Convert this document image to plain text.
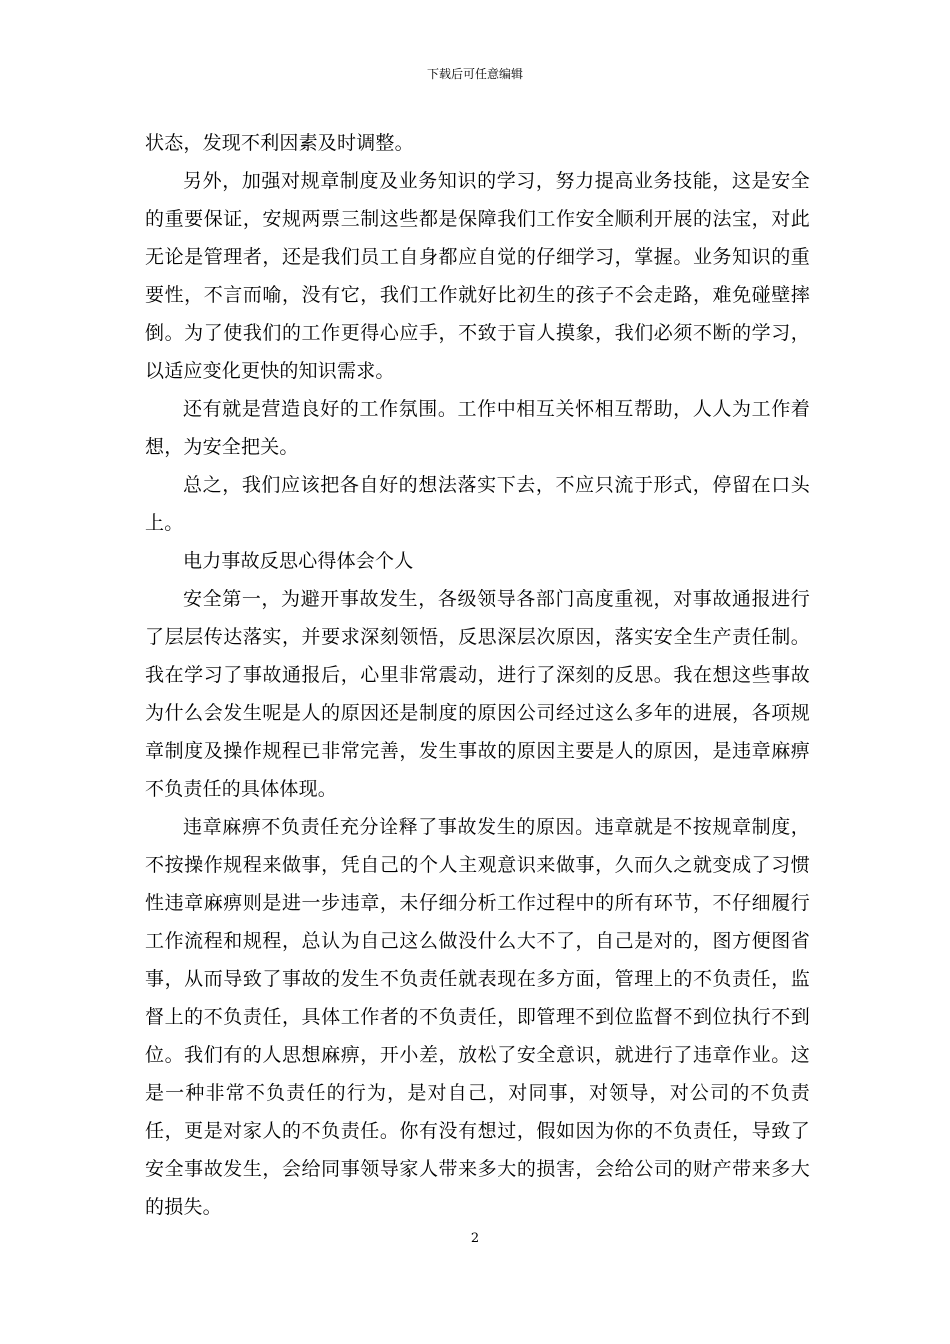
下载后可任意编辑

状态，发现不利因素及时调整。

另外，加强对规章制度及业务知识的学习，努力提高业务技能，这是安全的重要保证，安规两票三制这些都是保障我们工作安全顺利开展的法宝，对此无论是管理者，还是我们员工自身都应自觉的仔细学习，掌握。业务知识的重要性，不言而喻，没有它，我们工作就好比初生的孩子不会走路，难免碰壁摔倒。为了使我们的工作更得心应手，不致于盲人摸象，我们必须不断的学习，以适应变化更快的知识需求。

还有就是营造良好的工作氛围。工作中相互关怀相互帮助，人人为工作着想，为安全把关。

总之，我们应该把各自好的想法落实下去，不应只流于形式，停留在口头上。

电力事故反思心得体会个人

安全第一，为避开事故发生，各级领导各部门高度重视，对事故通报进行了层层传达落实，并要求深刻领悟，反思深层次原因，落实安全生产责任制。我在学习了事故通报后，心里非常震动，进行了深刻的反思。我在想这些事故为什么会发生呢是人的原因还是制度的原因公司经过这么多年的进展，各项规章制度及操作规程已非常完善，发生事故的原因主要是人的原因，是违章麻痹不负责任的具体体现。

违章麻痹不负责任充分诠释了事故发生的原因。违章就是不按规章制度，不按操作规程来做事，凭自己的个人主观意识来做事，久而久之就变成了习惯性违章麻痹则是进一步违章，未仔细分析工作过程中的所有环节，不仔细履行工作流程和规程，总认为自己这么做没什么大不了，自己是对的，图方便图省事，从而导致了事故的发生不负责任就表现在多方面，管理上的不负责任，监督上的不负责任，具体工作者的不负责任，即管理不到位监督不到位执行不到位。我们有的人思想麻痹，开小差，放松了安全意识，就进行了违章作业。这是一种非常不负责任的行为，是对自己，对同事，对领导，对公司的不负责任，更是对家人的不负责任。你有没有想过，假如因为你的不负责任，导致了安全事故发生，会给同事领导家人带来多大的损害，会给公司的财产带来多大的损失。

2
